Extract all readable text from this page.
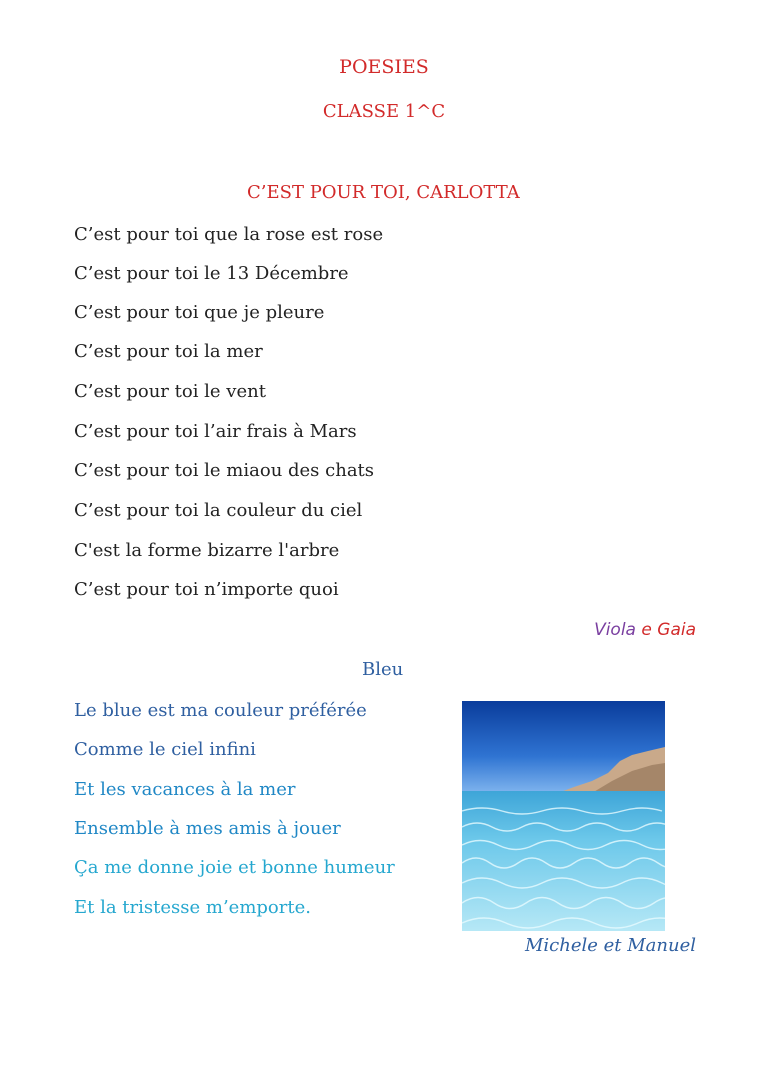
POESIES
CLASSE 1^C
C’EST POUR TOI, CARLOTTA
C’est pour toi que la rose est rose
C’est pour toi le 13 Décembre
C’est pour toi que je pleure
C’est pour toi la mer
C’est pour toi le vent
C’est pour toi l’air frais à Mars
C’est pour toi le miaou des chats
C’est pour toi la couleur du ciel
C'est la forme bizarre l'arbre
C’est pour toi n’importe quoi
Viola e Gaia
Bleu
Le blue est ma couleur préférée
Comme le ciel infini
Et les vacances à la mer
Ensemble à mes amis à jouer
Ça me donne joie et bonne humeur
Et la tristesse m’emporte.
Michele et Manuel
